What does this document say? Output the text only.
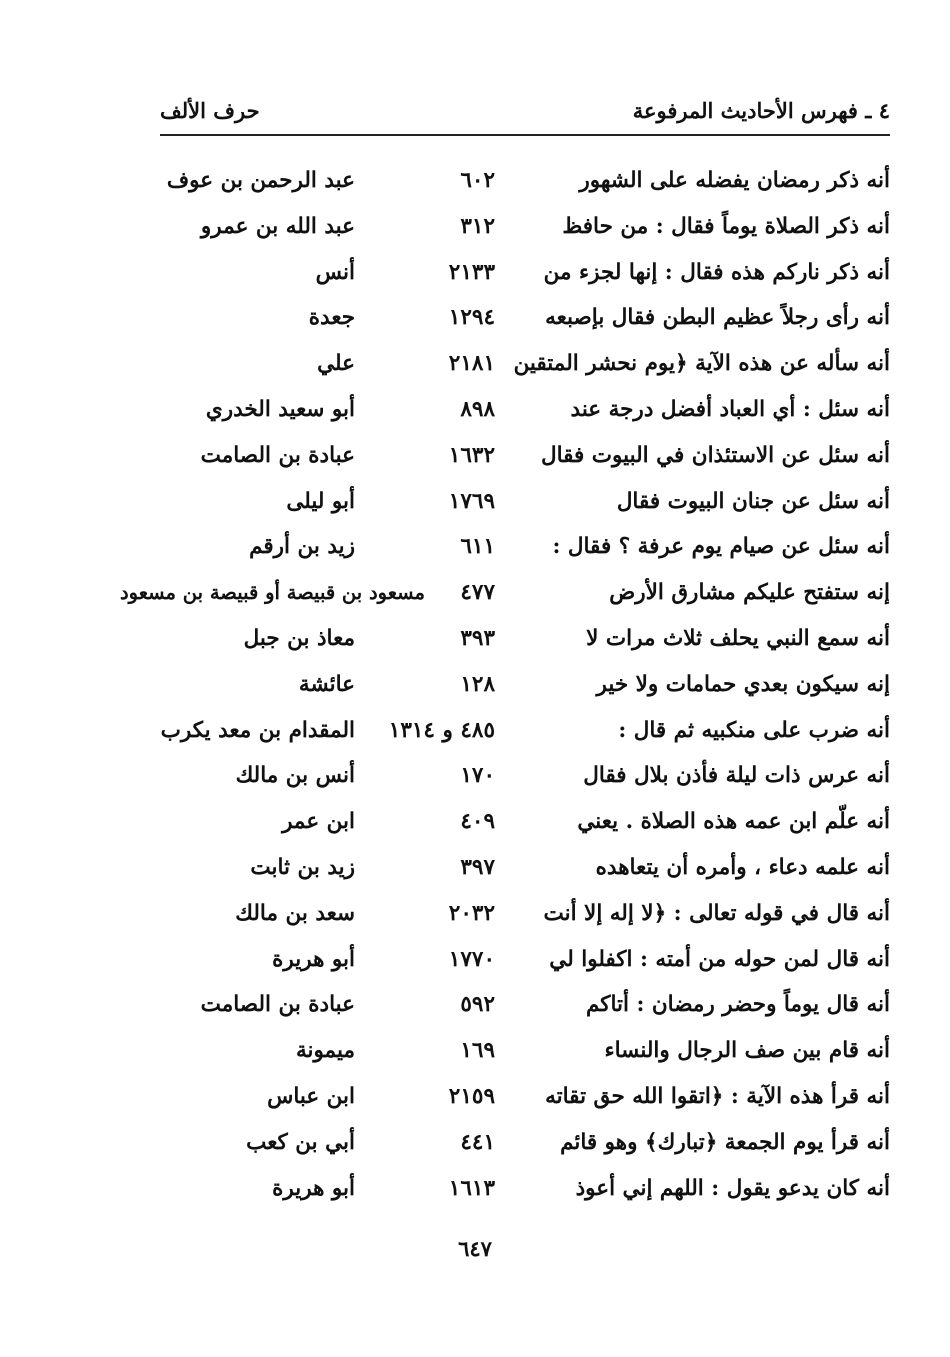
٤ ـ فهرس الأحاديث المرفوعة
حرف الألف
أنه ذكر رمضان يفضله على الشهور
٦٠٢
عبد الرحمن بن عوف
أنه ذكر الصلاة يوماً فقال : من حافظ
٣١٢
عبد الله بن عمرو
أنه ذكر ناركم هذه فقال : إنها لجزء من
٢١٣٣
أنس
أنه رأى رجلاً عظيم البطن فقال بإصبعه
١٢٩٤
جعدة
أنه سأله عن هذه الآية ﴿يوم نحشر المتقين
٢١٨١
علي
أنه سئل : أي العباد أفضل درجة عند
٨٩٨
أبو سعيد الخدري
أنه سئل عن الاستئذان في البيوت فقال
١٦٣٢
عبادة بن الصامت
أنه سئل عن جنان البيوت فقال
١٧٦٩
أبو ليلى
أنه سئل عن صيام يوم عرفة ؟ فقال :
٦١١
زيد بن أرقم
إنه ستفتح عليكم مشارق الأرض
٤٧٧
مسعود بن قبيصة أو قبيصة بن مسعود
أنه سمع النبي يحلف ثلاث مرات لا
٣٩٣
معاذ بن جبل
إنه سيكون بعدي حمامات ولا خير
١٢٨
عائشة
أنه ضرب على منكبيه ثم قال :
٤٨٥ و ١٣١٤
المقدام بن معد يكرب
أنه عرس ذات ليلة فأذن بلال فقال
١٧٠
أنس بن مالك
أنه علّم ابن عمه هذه الصلاة . يعني
٤٠٩
ابن عمر
أنه علمه دعاء ، وأمره أن يتعاهده
٣٩٧
زيد بن ثابت
أنه قال في قوله تعالى : ﴿لا إله إلا أنت
٢٠٣٢
سعد بن مالك
أنه قال لمن حوله من أمته : اكفلوا لي
١٧٧٠
أبو هريرة
أنه قال يوماً وحضر رمضان : أتاكم
٥٩٢
عبادة بن الصامت
أنه قام بين صف الرجال والنساء
١٦٩
ميمونة
أنه قرأ هذه الآية : ﴿اتقوا الله حق تقاته
٢١٥٩
ابن عباس
أنه قرأ يوم الجمعة ﴿تبارك﴾ وهو قائم
٤٤١
أبي بن كعب
أنه كان يدعو يقول : اللهم إني أعوذ
١٦١٣
أبو هريرة
٦٤٧
